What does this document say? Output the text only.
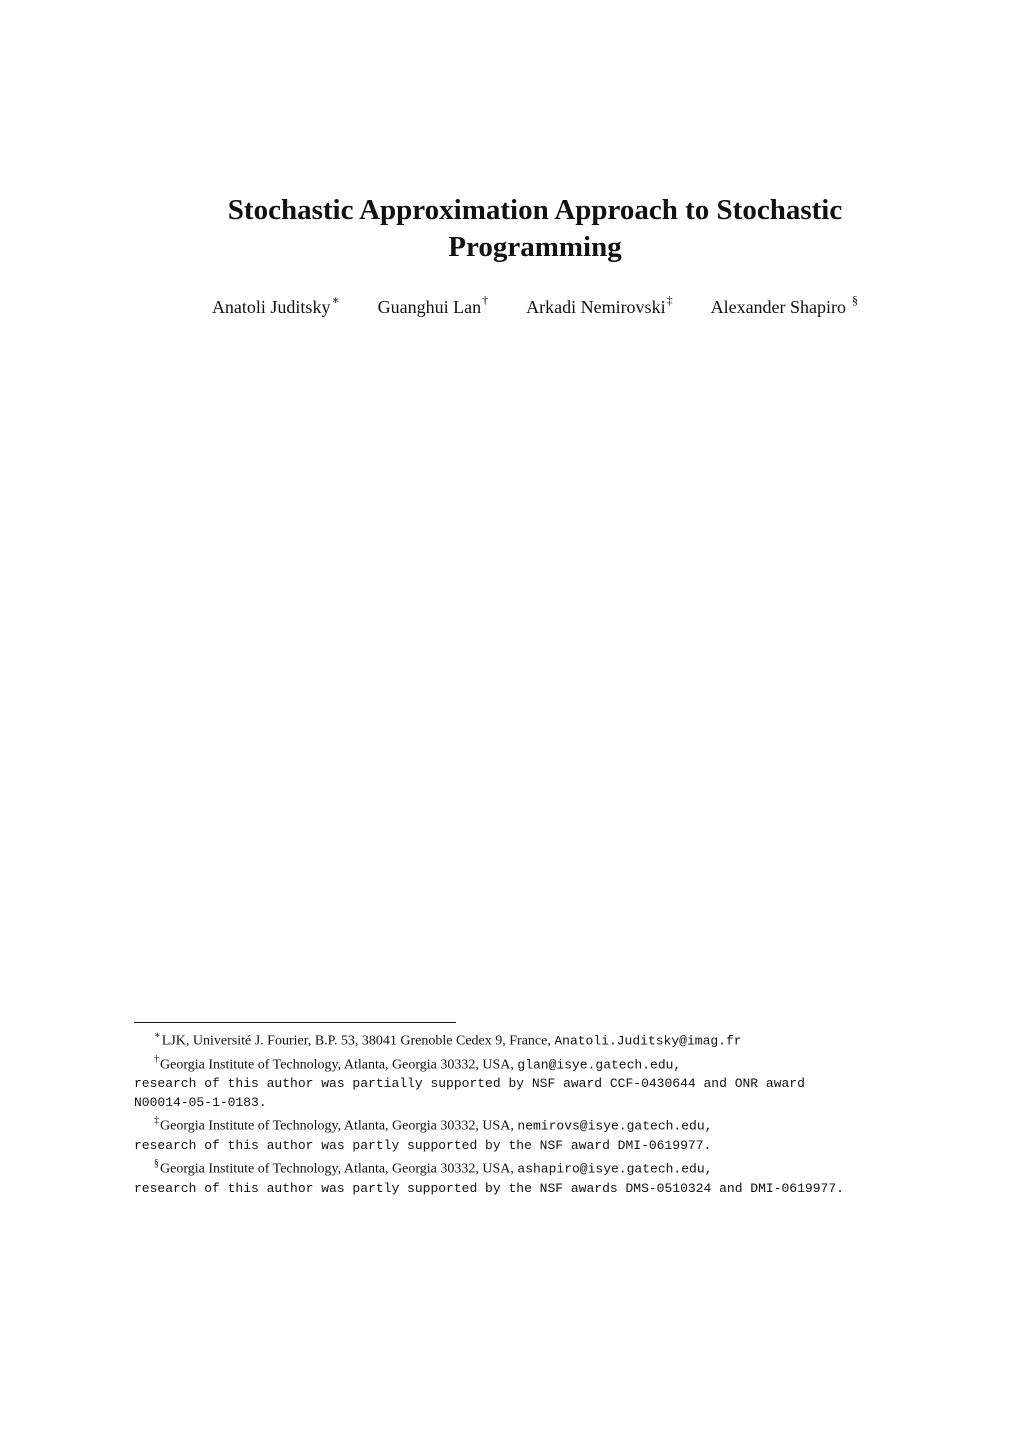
Stochastic Approximation Approach to Stochastic
Programming
Anatoli Juditsky∗ Guanghui Lan† Arkadi Nemirovski‡ Alexander Shapiro §

∗LJK, Université J. Fourier, B.P. 53, 38041 Grenoble Cedex 9, France, Anatoli.Juditsky@imag.fr

†Georgia Institute of Technology, Atlanta, Georgia 30332, USA, glan@isye.gatech.edu,
research of this author was partially supported by NSF award CCF-0430644 and ONR award
N00014-05-1-0183.

‡Georgia Institute of Technology, Atlanta, Georgia 30332, USA, nemirovs@isye.gatech.edu,
research of this author was partly supported by the NSF award DMI-0619977.

§Georgia Institute of Technology, Atlanta, Georgia 30332, USA, ashapiro@isye.gatech.edu,
research of this author was partly supported by the NSF awards DMS-0510324 and DMI-0619977.
